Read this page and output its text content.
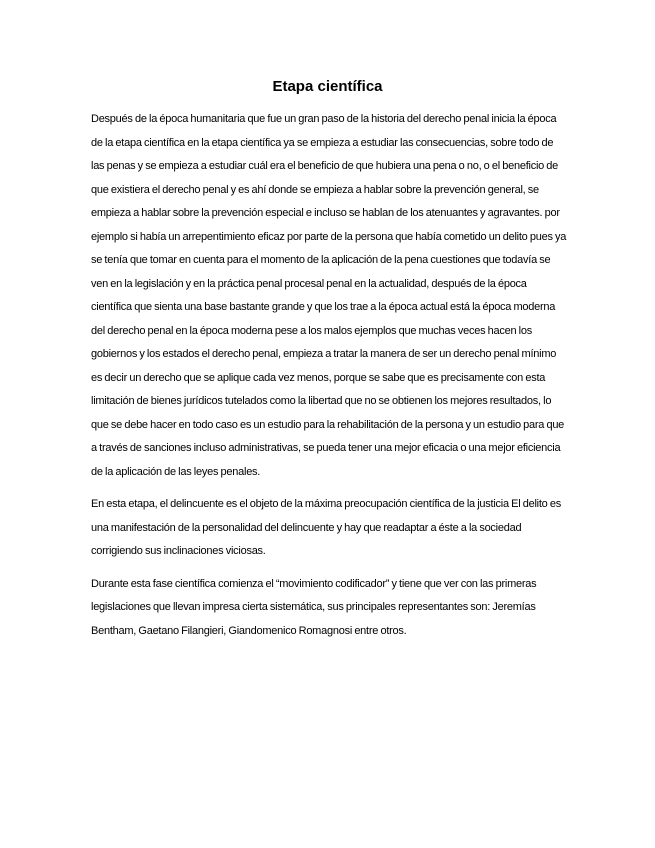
Etapa científica

Después de la época humanitaria que fue un gran paso de la historia del derecho penal inicia la época de la etapa científica en la etapa científica ya se empieza a estudiar las consecuencias, sobre todo de las penas y se empieza a estudiar cuál era el beneficio de que hubiera una pena o no, o el beneficio de que existiera el derecho penal y es ahí donde se empieza a hablar sobre la prevención general, se empieza a hablar sobre la prevención especial e incluso se hablan de los atenuantes y agravantes. por ejemplo si había un arrepentimiento eficaz por parte de la persona que había cometido un delito pues ya se tenía que tomar en cuenta para el momento de la aplicación de la pena cuestiones que todavía se ven en la legislación y en la práctica penal procesal penal en la actualidad, después de la época científica que sienta una base bastante grande y que los trae a la época actual está la época moderna del derecho penal en la época moderna pese a los malos ejemplos que muchas veces hacen los gobiernos y los estados el derecho penal, empieza a tratar la manera de ser un derecho penal mínimo es decir un derecho que se aplique cada vez menos, porque se sabe que es precisamente con esta limitación de bienes jurídicos tutelados como la libertad que no se obtienen los mejores resultados, lo que se debe hacer en todo caso es un estudio para la rehabilitación de la persona y un estudio para que a través de sanciones incluso administrativas, se pueda tener una mejor eficacia o una mejor eficiencia de la aplicación de las leyes penales.

En esta etapa, el delincuente es el objeto de la máxima preocupación científica de la justicia El delito es una manifestación de la personalidad del delincuente y hay que readaptar a éste a la sociedad corrigiendo sus inclinaciones viciosas.

Durante esta fase científica comienza el “movimiento codificador” y tiene que ver con las primeras legislaciones que llevan impresa cierta sistemática, sus principales representantes son: Jeremías Bentham, Gaetano Filangieri, Giandomenico Romagnosi entre otros.
